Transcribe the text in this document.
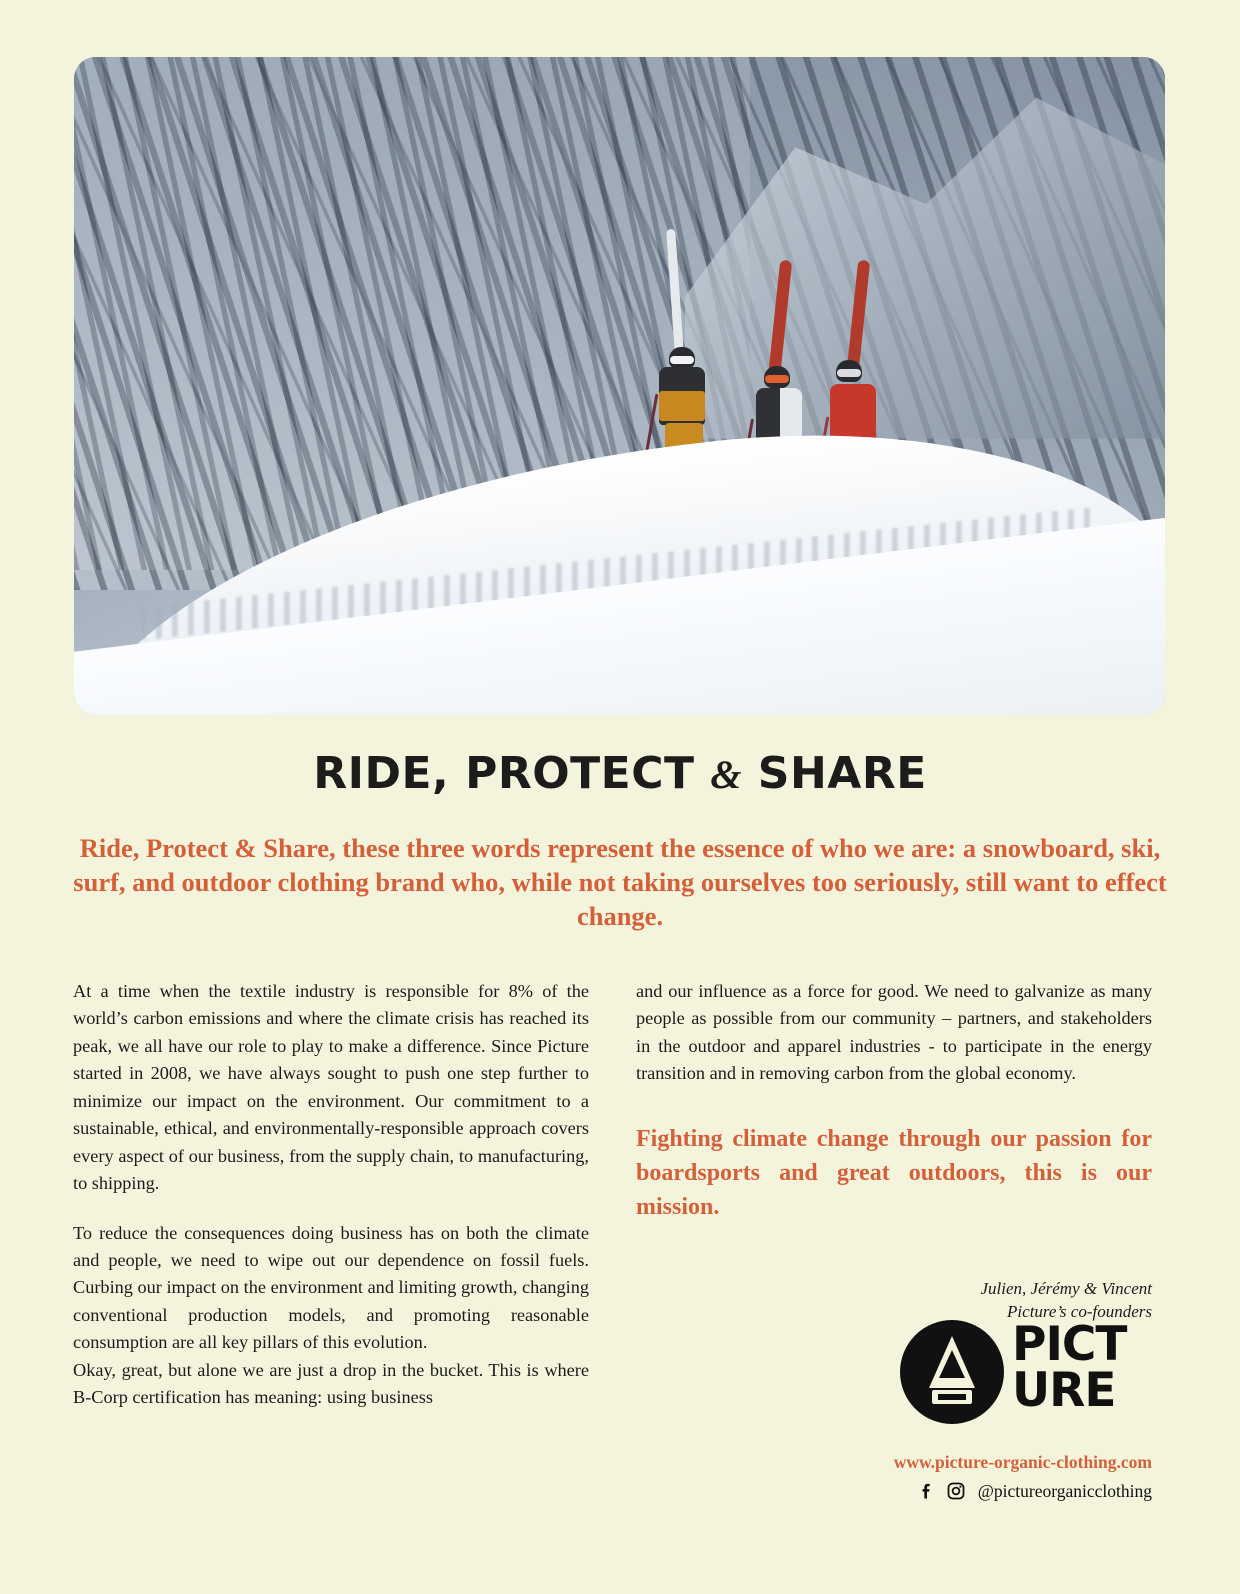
RIDE, PROTECT & SHARE
Ride, Protect & Share, these three words represent the essence of who we are: a snowboard, ski, surf, and outdoor clothing brand who, while not taking ourselves too seriously, still want to effect change.

At a time when the textile industry is responsible for 8% of the world’s carbon emissions and where the climate crisis has reached its peak, we all have our role to play to make a difference. Since Picture started in 2008, we have always sought to push one step further to minimize our impact on the environment. Our commitment to a sustainable, ethical, and environmentally-responsible approach covers every aspect of our business, from the supply chain, to manufacturing, to shipping.

To reduce the consequences doing business has on both the climate and people, we need to wipe out our dependence on fossil fuels. Curbing our impact on the environment and limiting growth, changing conventional production models, and promoting reasonable consumption are all key pillars of this evolution.

Okay, great, but alone we are just a drop in the bucket. This is where B-Corp certification has meaning: using business

and our influence as a force for good. We need to galvanize as many people as possible from our community – partners, and stakeholders in the outdoor and apparel industries - to participate in the energy transition and in removing carbon from the global economy.

Fighting climate change through our passion for boardsports and great outdoors, this is our mission.
Julien, Jérémy & Vincent
Picture’s co-founders
PICT
URE
www.picture-organic-clothing.com
@pictureorganicclothing
